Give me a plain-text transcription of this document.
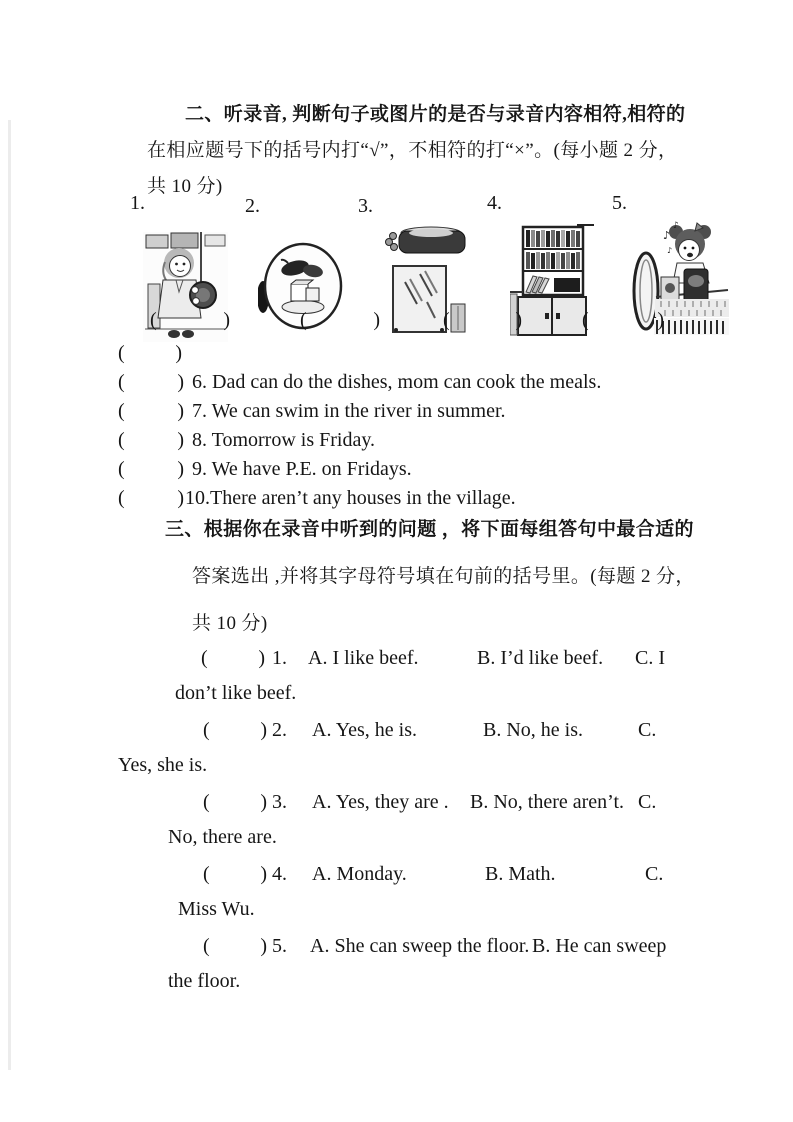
二、听录音, 判断句子或图片的是否与录音内容相符,相符的
在相应题号下的括号内打“√”，不相符的打“×”。(每小题 2 分，
共 10 分)
1.	2.	3.	4.	5.

♪
♪
♪

(	)	(	)	(	)	(	)
(	)
(	) 6. Dad can do the dishes, mom can cook the meals.
(	) 7. We can swim in the river in summer.
(	) 8. Tomorrow is Friday.
(	) 9. We have P.E. on Fridays.
(	) 10.There aren’t any houses in the village.
三、根据你在录音中听到的问题 ，将下面每组答句中最合适的
答案选出 ,并将其字母符号填在句前的括号里。(每题 2 分，
共 10 分)
(	) 1. A. I like beef.	B. I’d like beef. C. I
don’t like beef.
(	) 2. A. Yes, he is.	B. No, he is.	C.
Yes, she is.
(	) 3. A. Yes, they are . B. No, there aren’t. C.
No, there are.
(	) 4. A. Monday.	B. Math.	C.
Miss Wu.
(	) 5. A. She can sweep the floor. B. He can sweep
the floor.
